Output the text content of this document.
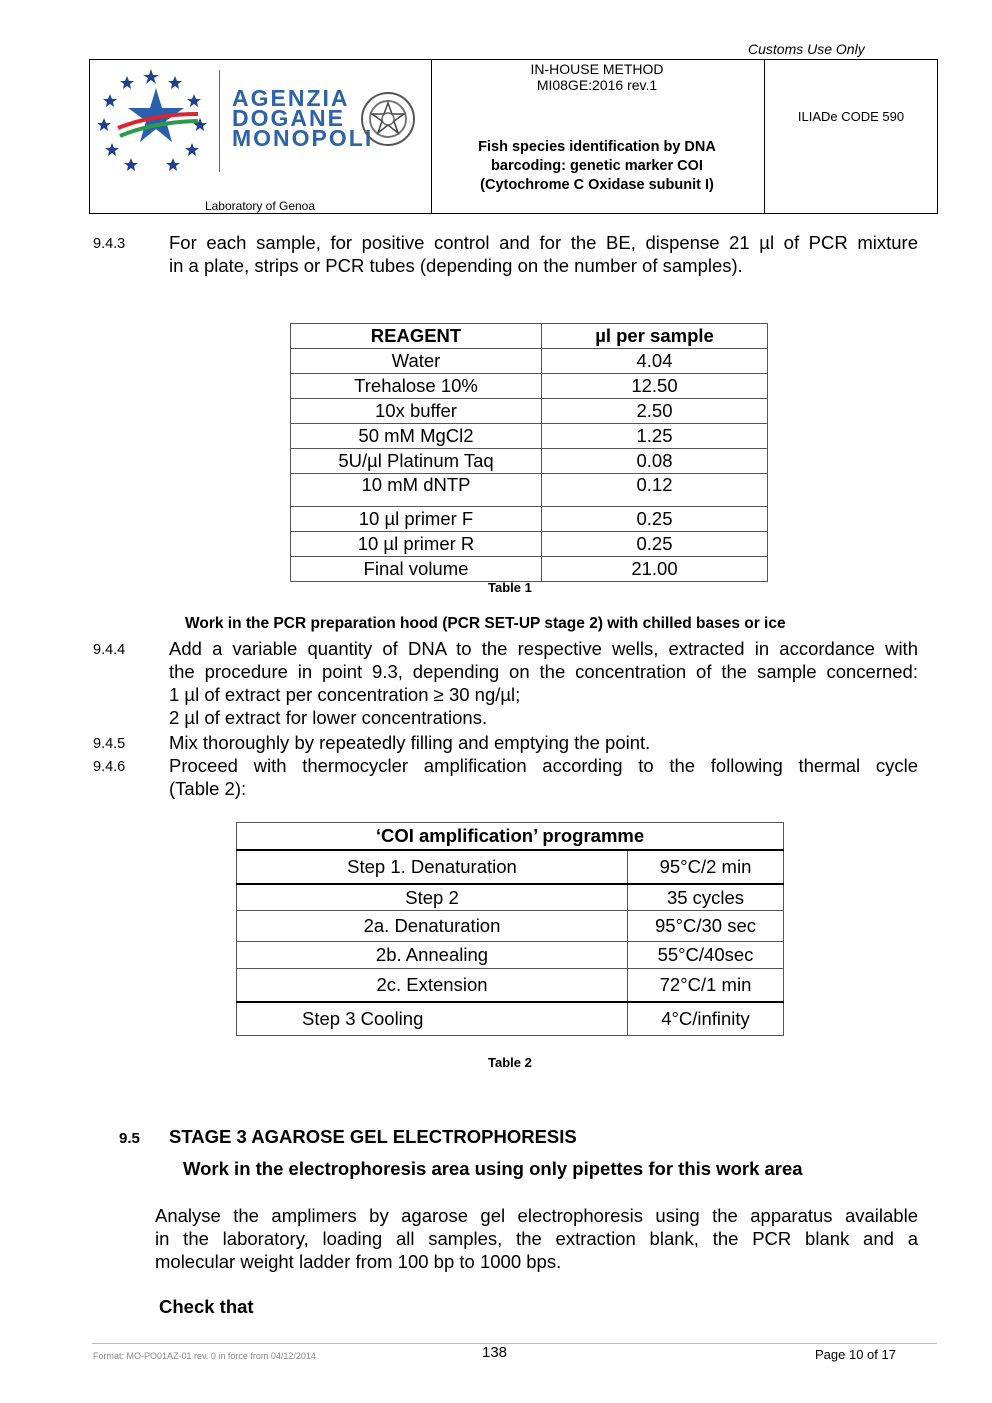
Customs Use Only
AGENZIA
DOGANE
MONOPOLI
Laboratory of Genoa
IN-HOUSE METHOD
MI08GE:2016 rev.1
Fish species identification by DNA
barcoding: genetic marker COI
(Cytochrome C Oxidase subunit I)
ILIADe CODE 590
9.4.3 For each sample, for positive control and for the BE, dispense 21 µl of PCR mixture
in a plate, strips or PCR tubes (depending on the number of samples).
REAGENT	µl per sample
Water	4.04
Trehalose 10%	12.50
10x buffer	2.50
50 mM MgCl2	1.25
5U/µl Platinum Taq	0.08
10 mM dNTP	0.12
10 µl primer F	0.25
10 µl primer R	0.25
Final volume	21.00
Table 1
Work in the PCR preparation hood (PCR SET-UP stage 2) with chilled bases or ice
9.4.4 Add a variable quantity of DNA to the respective wells, extracted in accordance with
the procedure in point 9.3, depending on the concentration of the sample concerned:
1 µl of extract per concentration ≥ 30 ng/µl;
2 µl of extract for lower concentrations.
9.4.5 Mix thoroughly by repeatedly filling and emptying the point.
9.4.6 Proceed with thermocycler amplification according to the following thermal cycle
(Table 2):
‘COI amplification’ programme	
Step 1. Denaturation	95°C/2 min
Step 2	35 cycles
2a. Denaturation	95°C/30 sec
2b. Annealing	55°C/40sec
2c. Extension	72°C/1 min
Step 3 Cooling	4°C/infinity
Table 2
9.5 STAGE 3 AGAROSE GEL ELECTROPHORESIS
Work in the electrophoresis area using only pipettes for this work area
Analyse the amplimers by agarose gel electrophoresis using the apparatus available
in the laboratory, loading all samples, the extraction blank, the PCR blank and a
molecular weight ladder from 100 bp to 1000 bps.
Check that
Format: MO-PO01AZ-01 rev. 0 in force from 04/12/2014	138	Page 10 of 17
